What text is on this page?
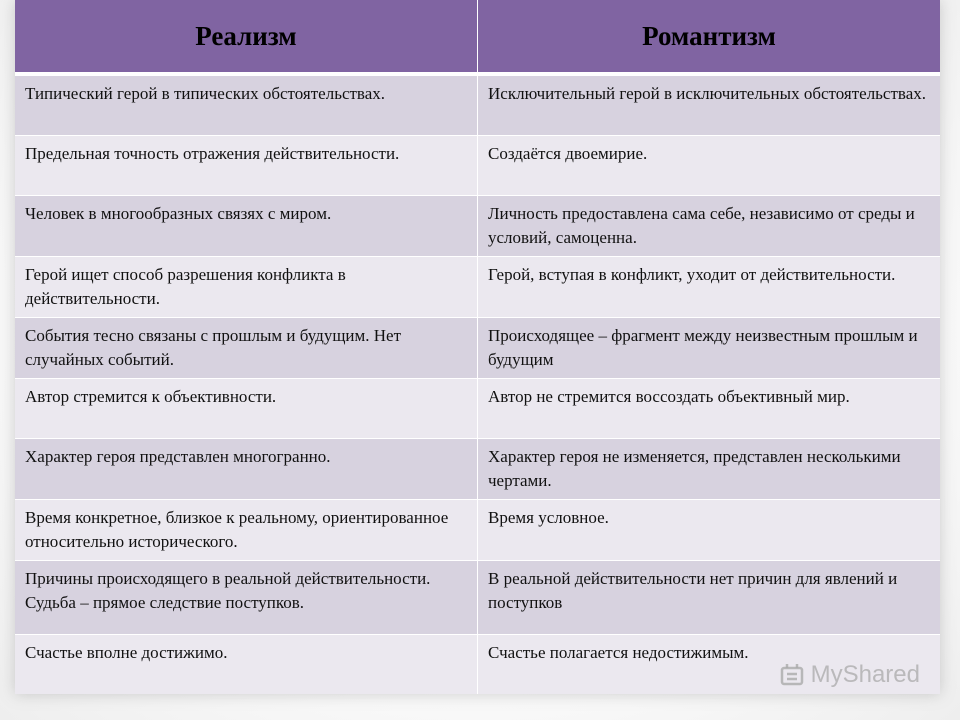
Реализм	Романтизм
Типический герой в типических обстоятельствах.	Исключительный герой в исключительных обстоятельствах.
Предельная точность отражения действительности.	Создаётся двоемирие.
Человек в многообразных связях с миром.	Личность предоставлена сама себе, независимо от среды и условий, самоценна.
Герой ищет способ разрешения конфликта в действительности.	Герой, вступая в конфликт, уходит от действительности.
События тесно связаны с прошлым и будущим. Нет случайных событий.	Происходящее – фрагмент между неизвестным прошлым и будущим
Автор стремится к объективности.	Автор не стремится воссоздать объективный мир.
Характер героя представлен многогранно.	Характер героя не изменяется, представлен несколькими чертами.
Время конкретное, близкое к реальному, ориентированное относительно исторического.	Время условное.
Причины происходящего в реальной действительности. Судьба – прямое следствие поступков.	В реальной действительности нет причин для явлений и поступков
Счастье вполне достижимо.	Счастье полагается недостижимым.
MyShared
